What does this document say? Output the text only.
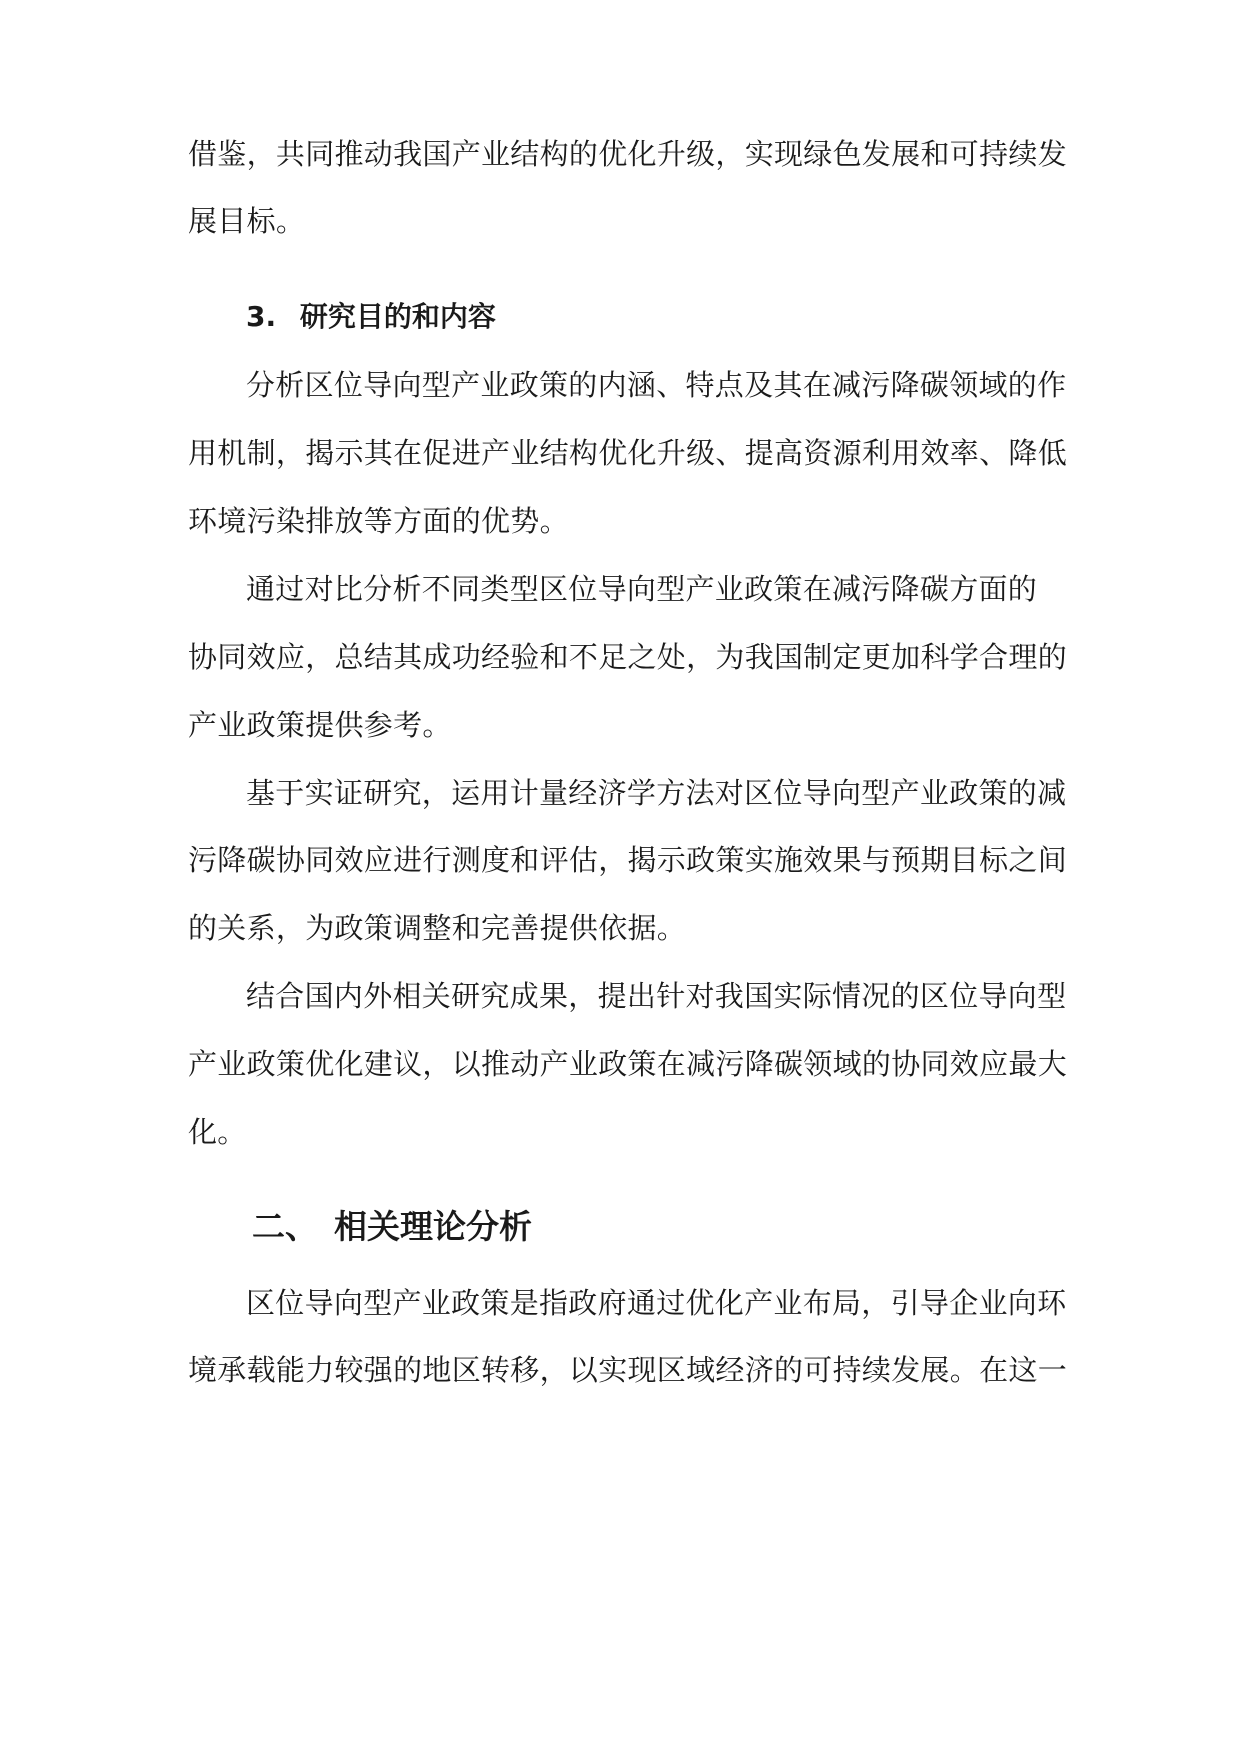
借鉴，共同推动我国产业结构的优化升级，实现绿色发展和可持续发
展目标。
3. 研究目的和内容
分析区位导向型产业政策的内涵、特点及其在减污降碳领域的作
用机制，揭示其在促进产业结构优化升级、提高资源利用效率、降低
环境污染排放等方面的优势。
通过对比分析不同类型区位导向型产业政策在减污降碳方面的
协同效应，总结其成功经验和不足之处，为我国制定更加科学合理的
产业政策提供参考。
基于实证研究，运用计量经济学方法对区位导向型产业政策的减
污降碳协同效应进行测度和评估，揭示政策实施效果与预期目标之间
的关系，为政策调整和完善提供依据。
结合国内外相关研究成果，提出针对我国实际情况的区位导向型
产业政策优化建议，以推动产业政策在减污降碳领域的协同效应最大
化。
二、 相关理论分析
区位导向型产业政策是指政府通过优化产业布局，引导企业向环
境承载能力较强的地区转移，以实现区域经济的可持续发展。在这一
